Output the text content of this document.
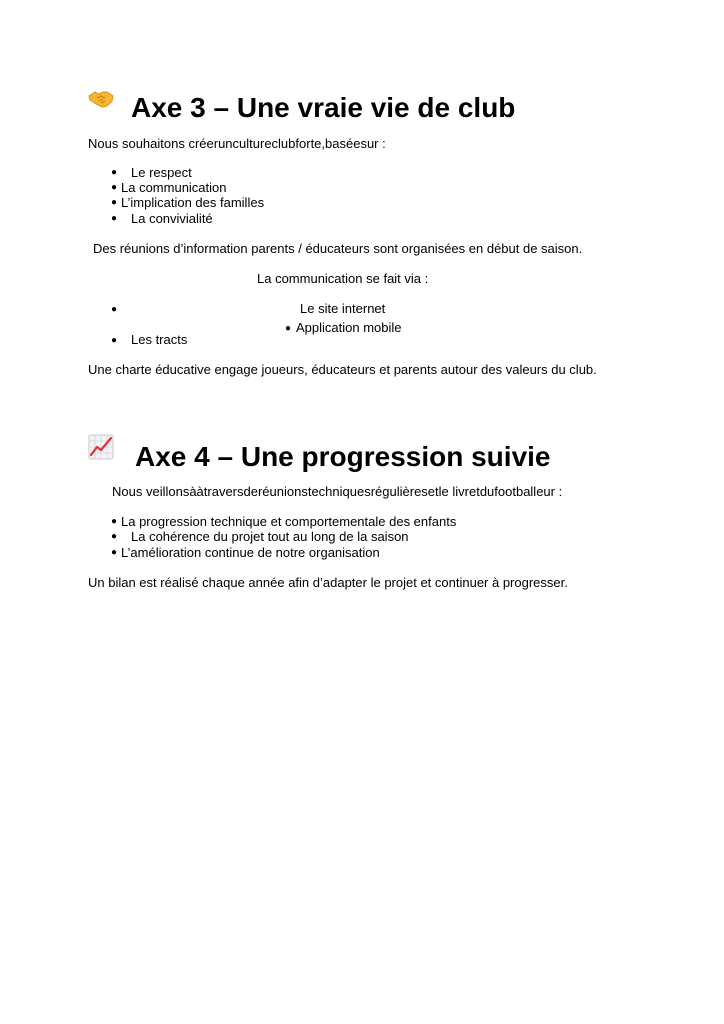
Axe 3 – Une vraie vie de club
Nous souhaitons créeruncultureclubforte,baséesur :
● Le respect
● La communication
● L’implication des familles
● La convivialité
Des réunions d’information parents / éducateurs sont organisées en début de saison.
La communication se fait via :
●	Le site internet
● Application mobile
● Les tracts
Une charte éducative engage joueurs, éducateurs et parents autour des valeurs du club.
Axe 4 – Une progression suivie
Nous veillonsààtraversderéunionstechniquesrégulièresetle livretdufootballeur :
● La progression technique et comportementale des enfants
● La cohérence du projet tout au long de la saison
● L’amélioration continue de notre organisation
Un bilan est réalisé chaque année afin d’adapter le projet et continuer à progresser.
